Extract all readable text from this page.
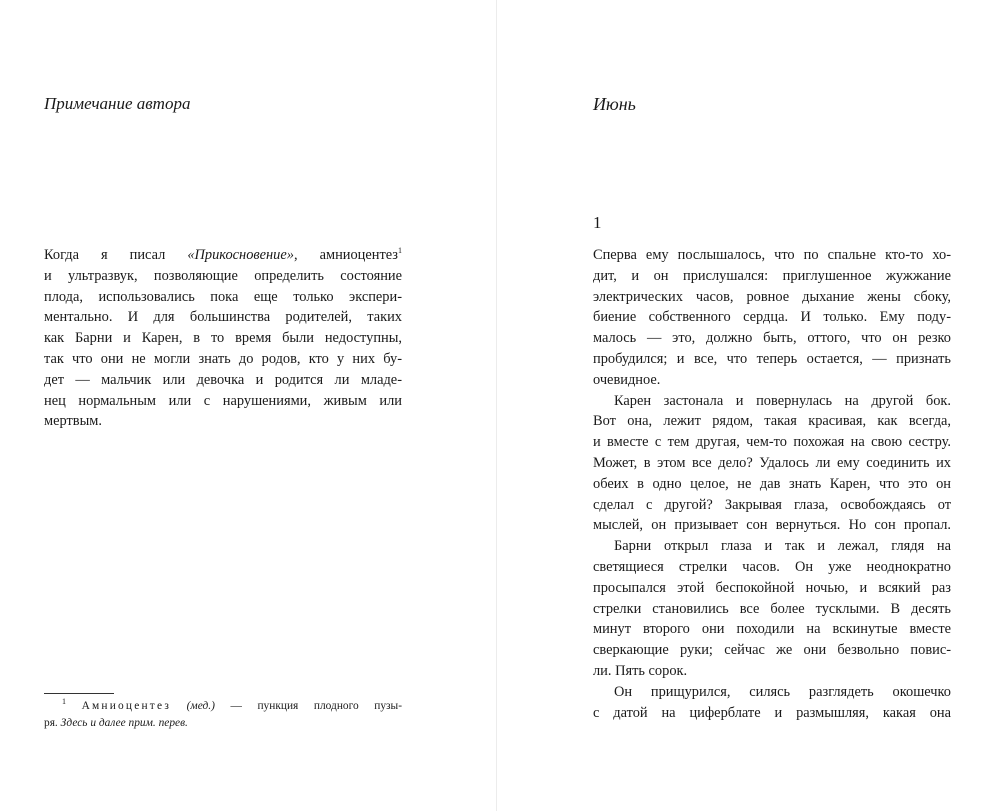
Примечание автора
Когда я писал «Прикосновение», амниоцентез$^1$
и ультразвук, позволяющие определить состояние
плода, использовались пока еще только экспери-
ментально. И для большинства родителей, таких
как Барни и Карен, в то время были недоступны,
так что они не могли знать до родов, кто у них бу-
дет — мальчик или девочка и родится ли младе-
нец нормальным или с нарушениями, живым или
мертвым.
$^1$ Амниоцентез (мед.) — пункция плодного пузы-
ря. Здесь и далее прим. перев.
Июнь
1
Сперва ему послышалось, что по спальне кто-то хо-
дит, и он прислушался: приглушенное жужжание
электрических часов, ровное дыхание жены сбоку,
биение собственного сердца. И только. Ему поду-
малось — это, должно быть, оттого, что он резко
пробудился; и все, что теперь остается, — признать
очевидное.
Карен застонала и повернулась на другой бок.
Вот она, лежит рядом, такая красивая, как всегда,
и вместе с тем другая, чем-то похожая на свою сестру.
Может, в этом все дело? Удалось ли ему соединить их
обеих в одно целое, не дав знать Карен, что это он
сделал с другой? Закрывая глаза, освобождаясь от
мыслей, он призывает сон вернуться. Но сон пропал.
Барни открыл глаза и так и лежал, глядя на
светящиеся стрелки часов. Он уже неоднократно
просыпался этой беспокойной ночью, и всякий раз
стрелки становились все более тусклыми. В десять
минут второго они походили на вскинутые вместе
сверкающие руки; сейчас же они безвольно повис-
ли. Пять сорок.
Он прищурился, силясь разглядеть окошечко
с датой на циферблате и размышляя, какая она
